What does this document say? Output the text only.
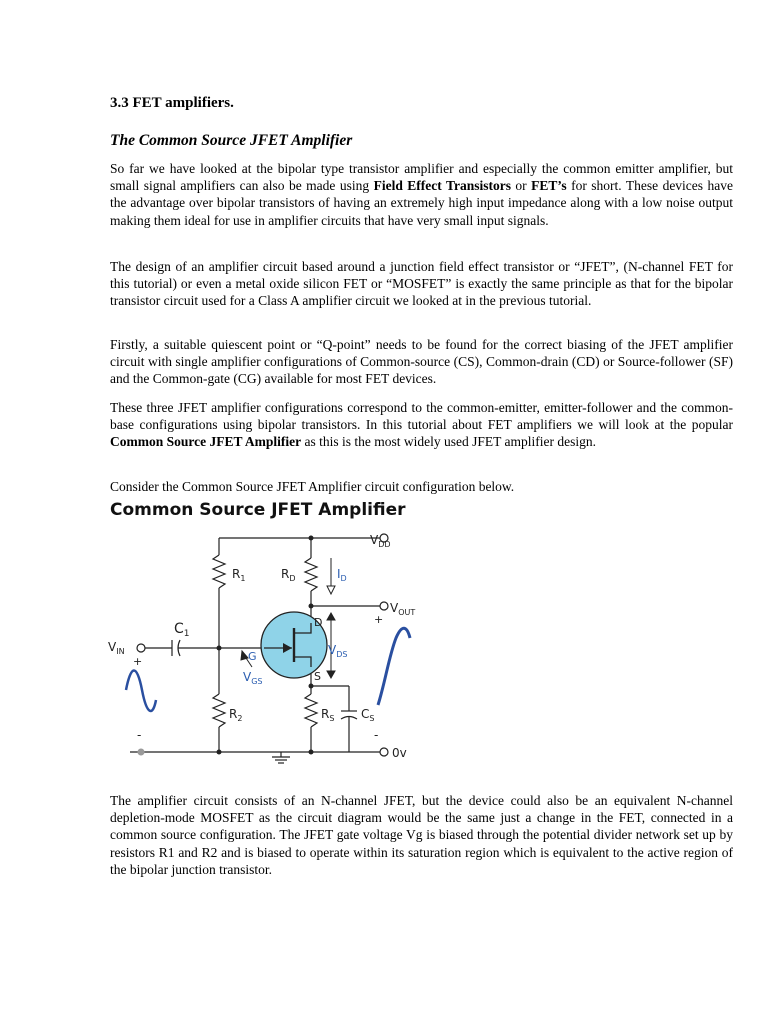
3.3 FET amplifiers.
The Common Source JFET Amplifier

So far we have looked at the bipolar type transistor amplifier and especially the common emitter amplifier, but small signal amplifiers can also be made using Field Effect Transistors or FET’s for short. These devices have the advantage over bipolar transistors of having an extremely high input impedance along with a low noise output making them ideal for use in amplifier circuits that have very small input signals.

The design of an amplifier circuit based around a junction field effect transistor or “JFET”, (N-channel FET for this tutorial) or even a metal oxide silicon FET or “MOSFET” is exactly the same principle as that for the bipolar transistor circuit used for a Class A amplifier circuit we looked at in the previous tutorial.

Firstly, a suitable quiescent point or “Q-point” needs to be found for the correct biasing of the JFET amplifier circuit with single amplifier configurations of Common-source (CS), Common-drain (CD) or Source-follower (SF) and the Common-gate (CG) available for most FET devices.

These three JFET amplifier configurations correspond to the common-emitter, emitter-follower and the common-base configurations using bipolar transistors. In this tutorial about FET amplifiers we will look at the popular Common Source JFET Amplifier as this is the most widely used JFET amplifier design.

Consider the Common Source JFET Amplifier circuit configuration below.

The amplifier circuit consists of an N-channel JFET, but the device could also be an equivalent N-channel depletion-mode MOSFET as the circuit diagram would be the same just a change in the FET, connected in a common source configuration. The JFET gate voltage Vg is biased through the potential divider network set up by resistors R1 and R2 and is biased to operate within its saturation region which is equivalent to the active region of the bipolar junction transistor.

Common Source JFET Amplifier
$V_{DD}$
$R_1$	$R_D$	$I_D$
$V_{OUT}$
+
$C_1$
$V_{IN}$
+
D
G
S
$V_{DS}$
$V_{GS}$
$R_2$	$R_S$ $C_S$
-	-
0v
